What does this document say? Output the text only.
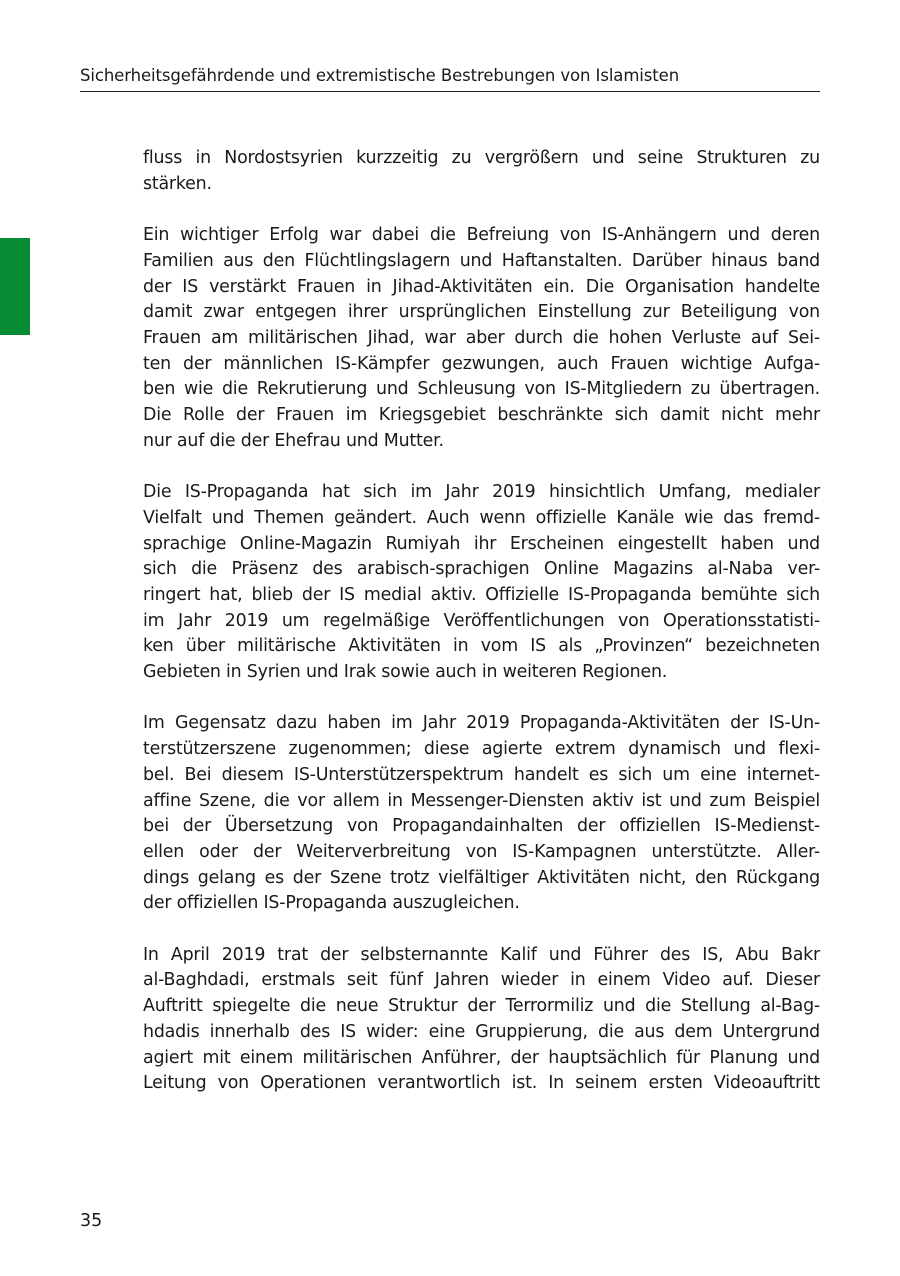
Sicherheitsgefährdende und extremistische Bestrebungen von Islamisten

fluss in Nordostsyrien kurzzeitig zu vergrößern und seine Strukturen zu
stärken.

Ein wichtiger Erfolg war dabei die Befreiung von IS-Anhängern und deren
Familien aus den Flüchtlingslagern und Haftanstalten. Darüber hinaus band
der IS verstärkt Frauen in Jihad-Aktivitäten ein. Die Organisation handelte
damit zwar entgegen ihrer ursprünglichen Einstellung zur Beteiligung von
Frauen am militärischen Jihad, war aber durch die hohen Verluste auf Sei-
ten der männlichen IS-Kämpfer gezwungen, auch Frauen wichtige Aufga-
ben wie die Rekrutierung und Schleusung von IS-Mitgliedern zu übertragen.
Die Rolle der Frauen im Kriegsgebiet beschränkte sich damit nicht mehr
nur auf die der Ehefrau und Mutter.

Die IS-Propaganda hat sich im Jahr 2019 hinsichtlich Umfang, medialer
Vielfalt und Themen geändert. Auch wenn offizielle Kanäle wie das fremd-
sprachige Online-Magazin Rumiyah ihr Erscheinen eingestellt haben und
sich die Präsenz des arabisch-sprachigen Online Magazins al-Naba ver-
ringert hat, blieb der IS medial aktiv. Offizielle IS-Propaganda bemühte sich
im Jahr 2019 um regelmäßige Veröffentlichungen von Operationsstatisti-
ken über militärische Aktivitäten in vom IS als „Provinzen“ bezeichneten
Gebieten in Syrien und Irak sowie auch in weiteren Regionen.

Im Gegensatz dazu haben im Jahr 2019 Propaganda-Aktivitäten der IS-Un-
terstützerszene zugenommen; diese agierte extrem dynamisch und flexi-
bel. Bei diesem IS-Unterstützerspektrum handelt es sich um eine internet-
affine Szene, die vor allem in Messenger-Diensten aktiv ist und zum Beispiel
bei der Übersetzung von Propagandainhalten der offiziellen IS-Medienst-
ellen oder der Weiterverbreitung von IS-Kampagnen unterstützte. Aller-
dings gelang es der Szene trotz vielfältiger Aktivitäten nicht, den Rückgang
der offiziellen IS-Propaganda auszugleichen.

In April 2019 trat der selbsternannte Kalif und Führer des IS, Abu Bakr
al-Baghdadi, erstmals seit fünf Jahren wieder in einem Video auf. Dieser
Auftritt spiegelte die neue Struktur der Terrormiliz und die Stellung al-Bag-
hdadis innerhalb des IS wider: eine Gruppierung, die aus dem Untergrund
agiert mit einem militärischen Anführer, der hauptsächlich für Planung und
Leitung von Operationen verantwortlich ist. In seinem ersten Videoauftritt

35
